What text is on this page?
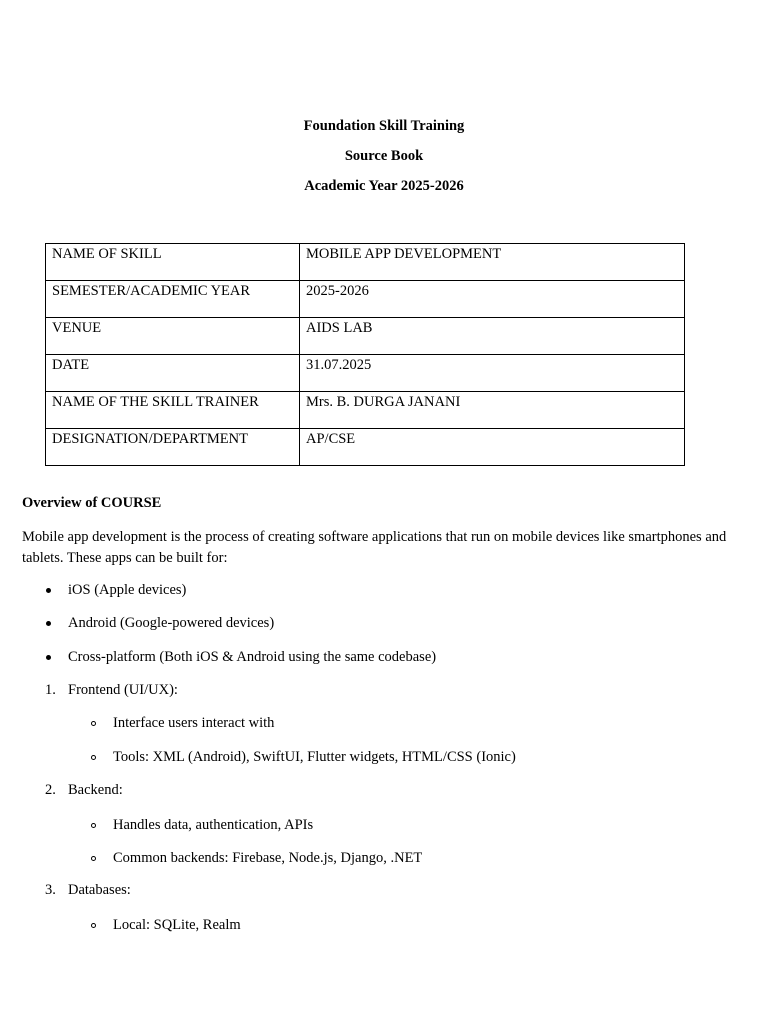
Foundation Skill Training
Source Book
Academic Year 2025-2026
NAME OF SKILL	MOBILE APP DEVELOPMENT
SEMESTER/ACADEMIC YEAR	2025-2026
VENUE	AIDS LAB
DATE	31.07.2025
NAME OF THE SKILL TRAINER	Mrs. B. DURGA JANANI
DESIGNATION/DEPARTMENT	AP/CSE
Overview of COURSE
Mobile app development is the process of creating software applications that run on mobile devices like smartphones and tablets. These apps can be built for:
iOS (Apple devices)
Android (Google-powered devices)
Cross-platform (Both iOS & Android using the same codebase)
1. Frontend (UI/UX):
Interface users interact with
Tools: XML (Android), SwiftUI, Flutter widgets, HTML/CSS (Ionic)
2. Backend:
Handles data, authentication, APIs
Common backends: Firebase, Node.js, Django, .NET
3. Databases:
Local: SQLite, Realm
